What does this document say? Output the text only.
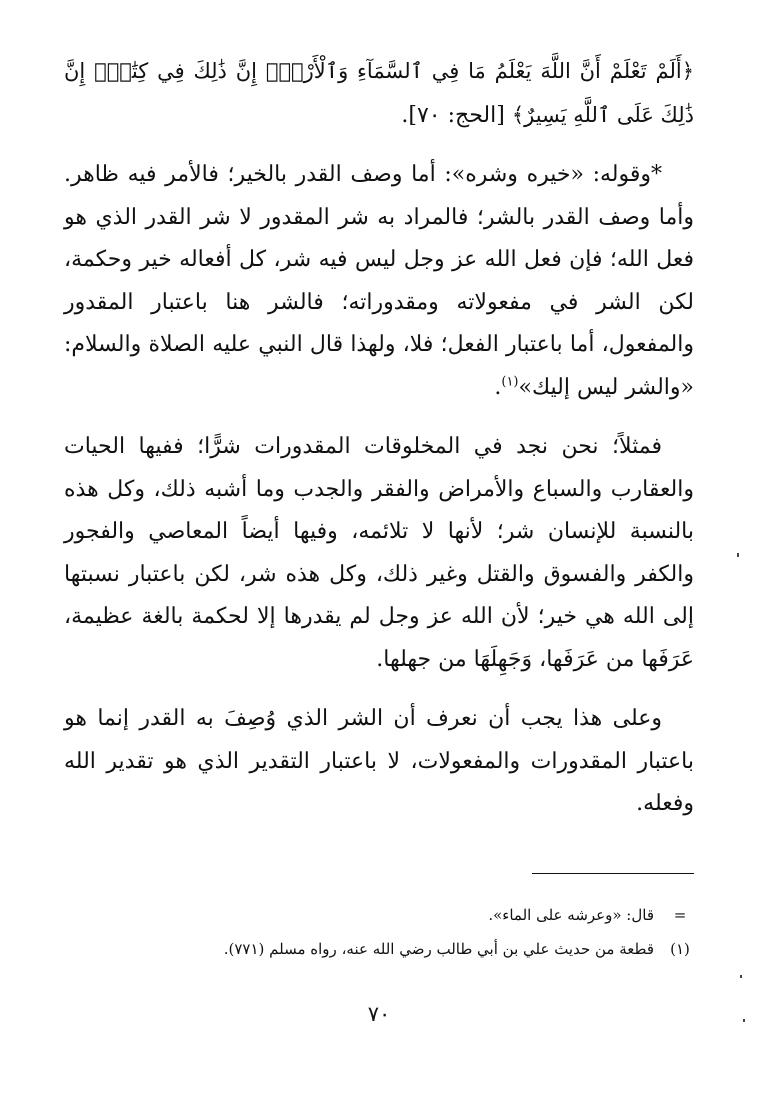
﴿أَلَمْ تَعْلَمْ أَنَّ اللَّهَ يَعْلَمُ مَا فِي ٱلسَّمَآءِ وَٱلْأَرْضِۗ إِنَّ ذَٰلِكَ فِي كِتَٰبٍۚ إِنَّ ذَٰلِكَ عَلَى ٱللَّهِ يَسِيرٌ﴾ [الحج: ٧٠].

*وقوله: «خيره وشره»: أما وصف القدر بالخير؛ فالأمر فيه ظاهر. وأما وصف القدر بالشر؛ فالمراد به شر المقدور لا شر القدر الذي هو فعل الله؛ فإن فعل الله عز وجل ليس فيه شر، كل أفعاله خير وحكمة، لكن الشر في مفعولاته ومقدوراته؛ فالشر هنا باعتبار المقدور والمفعول، أما باعتبار الفعل؛ فلا، ولهذا قال النبي عليه الصلاة والسلام: «والشر ليس إليك»$^{(١)}$.

فمثلاً؛ نحن نجد في المخلوقات المقدورات شرًّا؛ ففيها الحيات والعقارب والسباع والأمراض والفقر والجدب وما أشبه ذلك، وكل هذه بالنسبة للإنسان شر؛ لأنها لا تلائمه، وفيها أيضاً المعاصي والفجور والكفر والفسوق والقتل وغير ذلك، وكل هذه شر، لكن باعتبار نسبتها إلى الله هي خير؛ لأن الله عز وجل لم يقدرها إلا لحكمة بالغة عظيمة، عَرَفَها من عَرَفَها، وَجَهِلَهَا من جهلها.

وعلى هذا يجب أن نعرف أن الشر الذي وُصِفَ به القدر إنما هو باعتبار المقدورات والمفعولات، لا باعتبار التقدير الذي هو تقدير الله وفعله.

=
قال: «وعرشه على الماء».
(١)
قطعة من حديث علي بن أبي طالب رضي الله عنه، رواه مسلم (٧٧١).
٧٠
